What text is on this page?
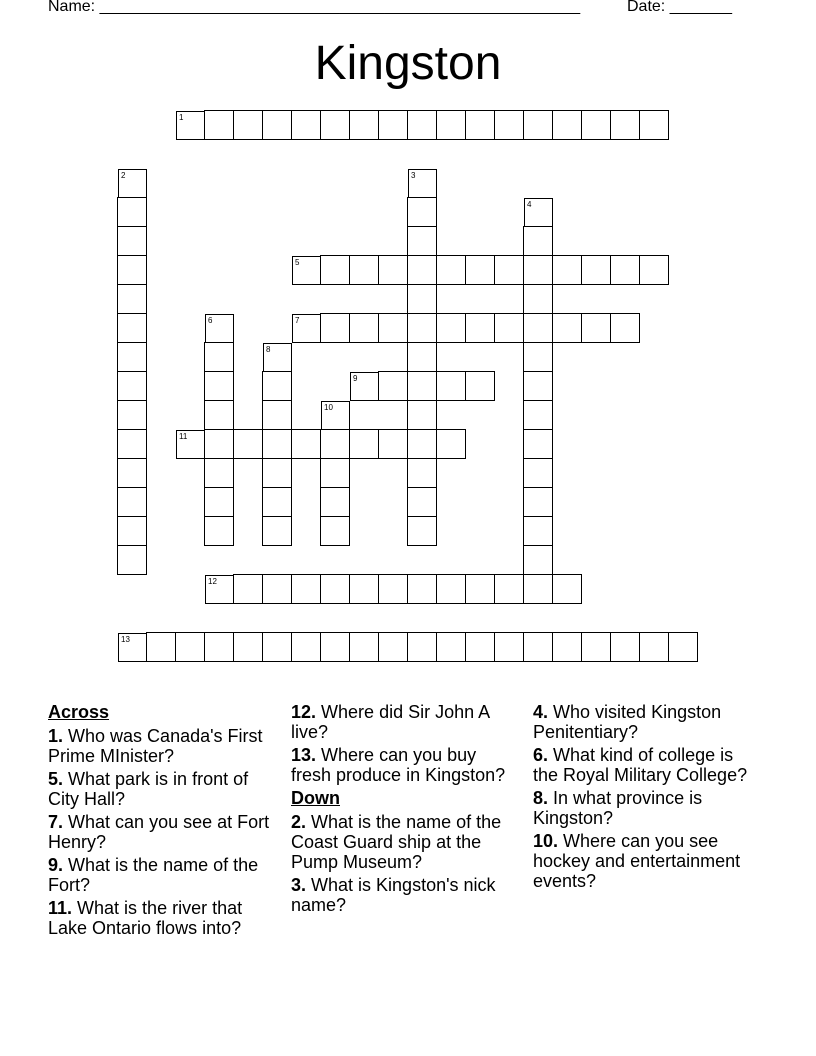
Name: ______________________________________________________	Date: _______
Kingston
1
2	3
4
5
6	7
8
9
10
11
12
13
Across
1. Who was Canada's First Prime MInister?
5. What park is in front of City Hall?
7. What can you see at Fort Henry?
9. What is the name of the Fort?
11. What is the river that Lake Ontario flows into?
12. Where did Sir John A live?
13. Where can you buy fresh produce in Kingston?
Down
2. What is the name of the Coast Guard ship at the Pump Museum?
3. What is Kingston's nick name?
4. Who visited Kingston Penitentiary?
6. What kind of college is the Royal Military College?
8. In what province is Kingston?
10. Where can you see hockey and entertainment events?
